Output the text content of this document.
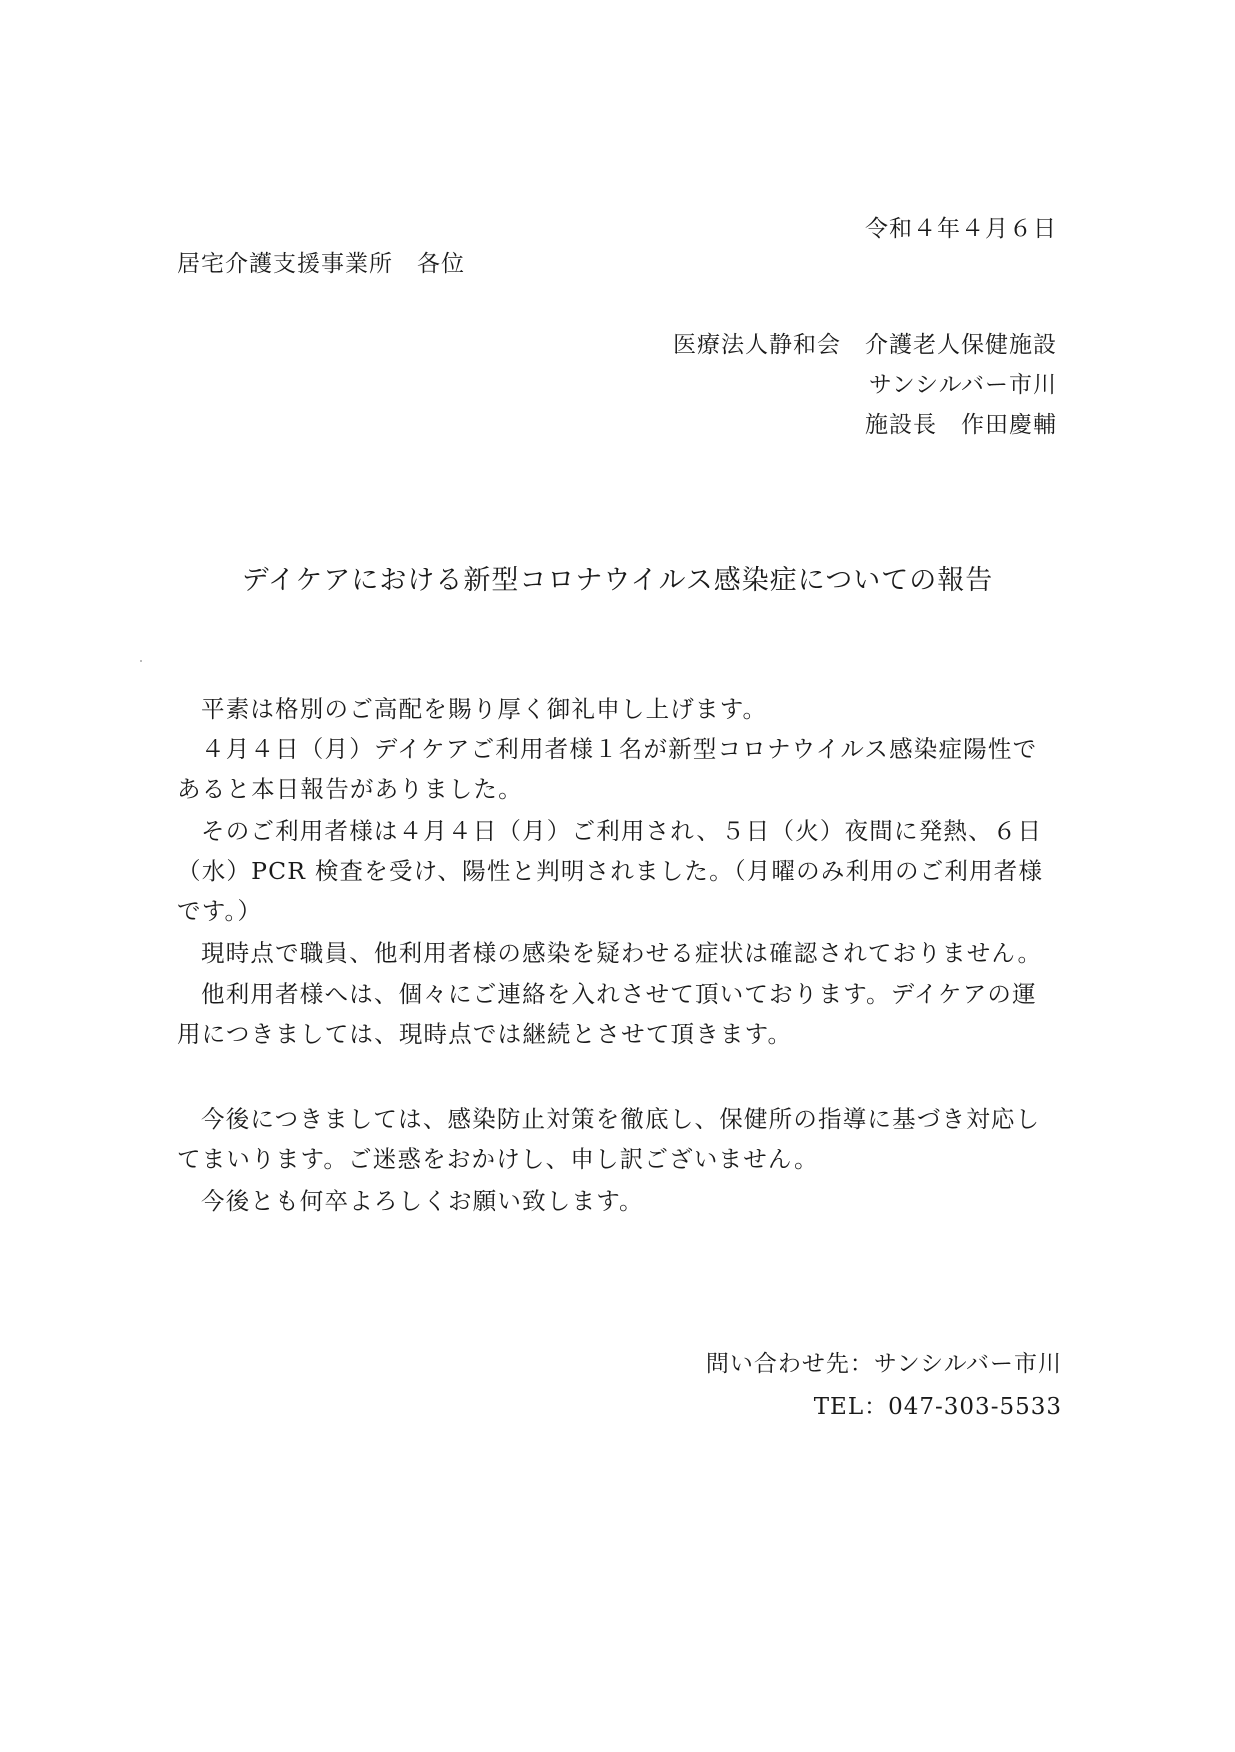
令和４年４月６日
居宅介護支援事業所　各位
医療法人静和会　介護老人保健施設
サンシルバー市川
施設長　作田慶輔
デイケアにおける新型コロナウイルス感染症についての報告
平素は格別のご高配を賜り厚く御礼申し上げます。
４月４日（月）デイケアご利用者様１名が新型コロナウイルス感染症陽性で
あると本日報告がありました。
そのご利用者様は４月４日（月）ご利用され、５日（火）夜間に発熱、６日
（水）PCR 検査を受け、陽性と判明されました。（月曜のみ利用のご利用者様
です。）
現時点で職員、他利用者様の感染を疑わせる症状は確認されておりません。
他利用者様へは、個々にご連絡を入れさせて頂いております。デイケアの運
用につきましては、現時点では継続とさせて頂きます。
今後につきましては、感染防止対策を徹底し、保健所の指導に基づき対応し
てまいります。ご迷惑をおかけし、申し訳ございません。
今後とも何卒よろしくお願い致します。
問い合わせ先：サンシルバー市川
TEL：047-303-5533
